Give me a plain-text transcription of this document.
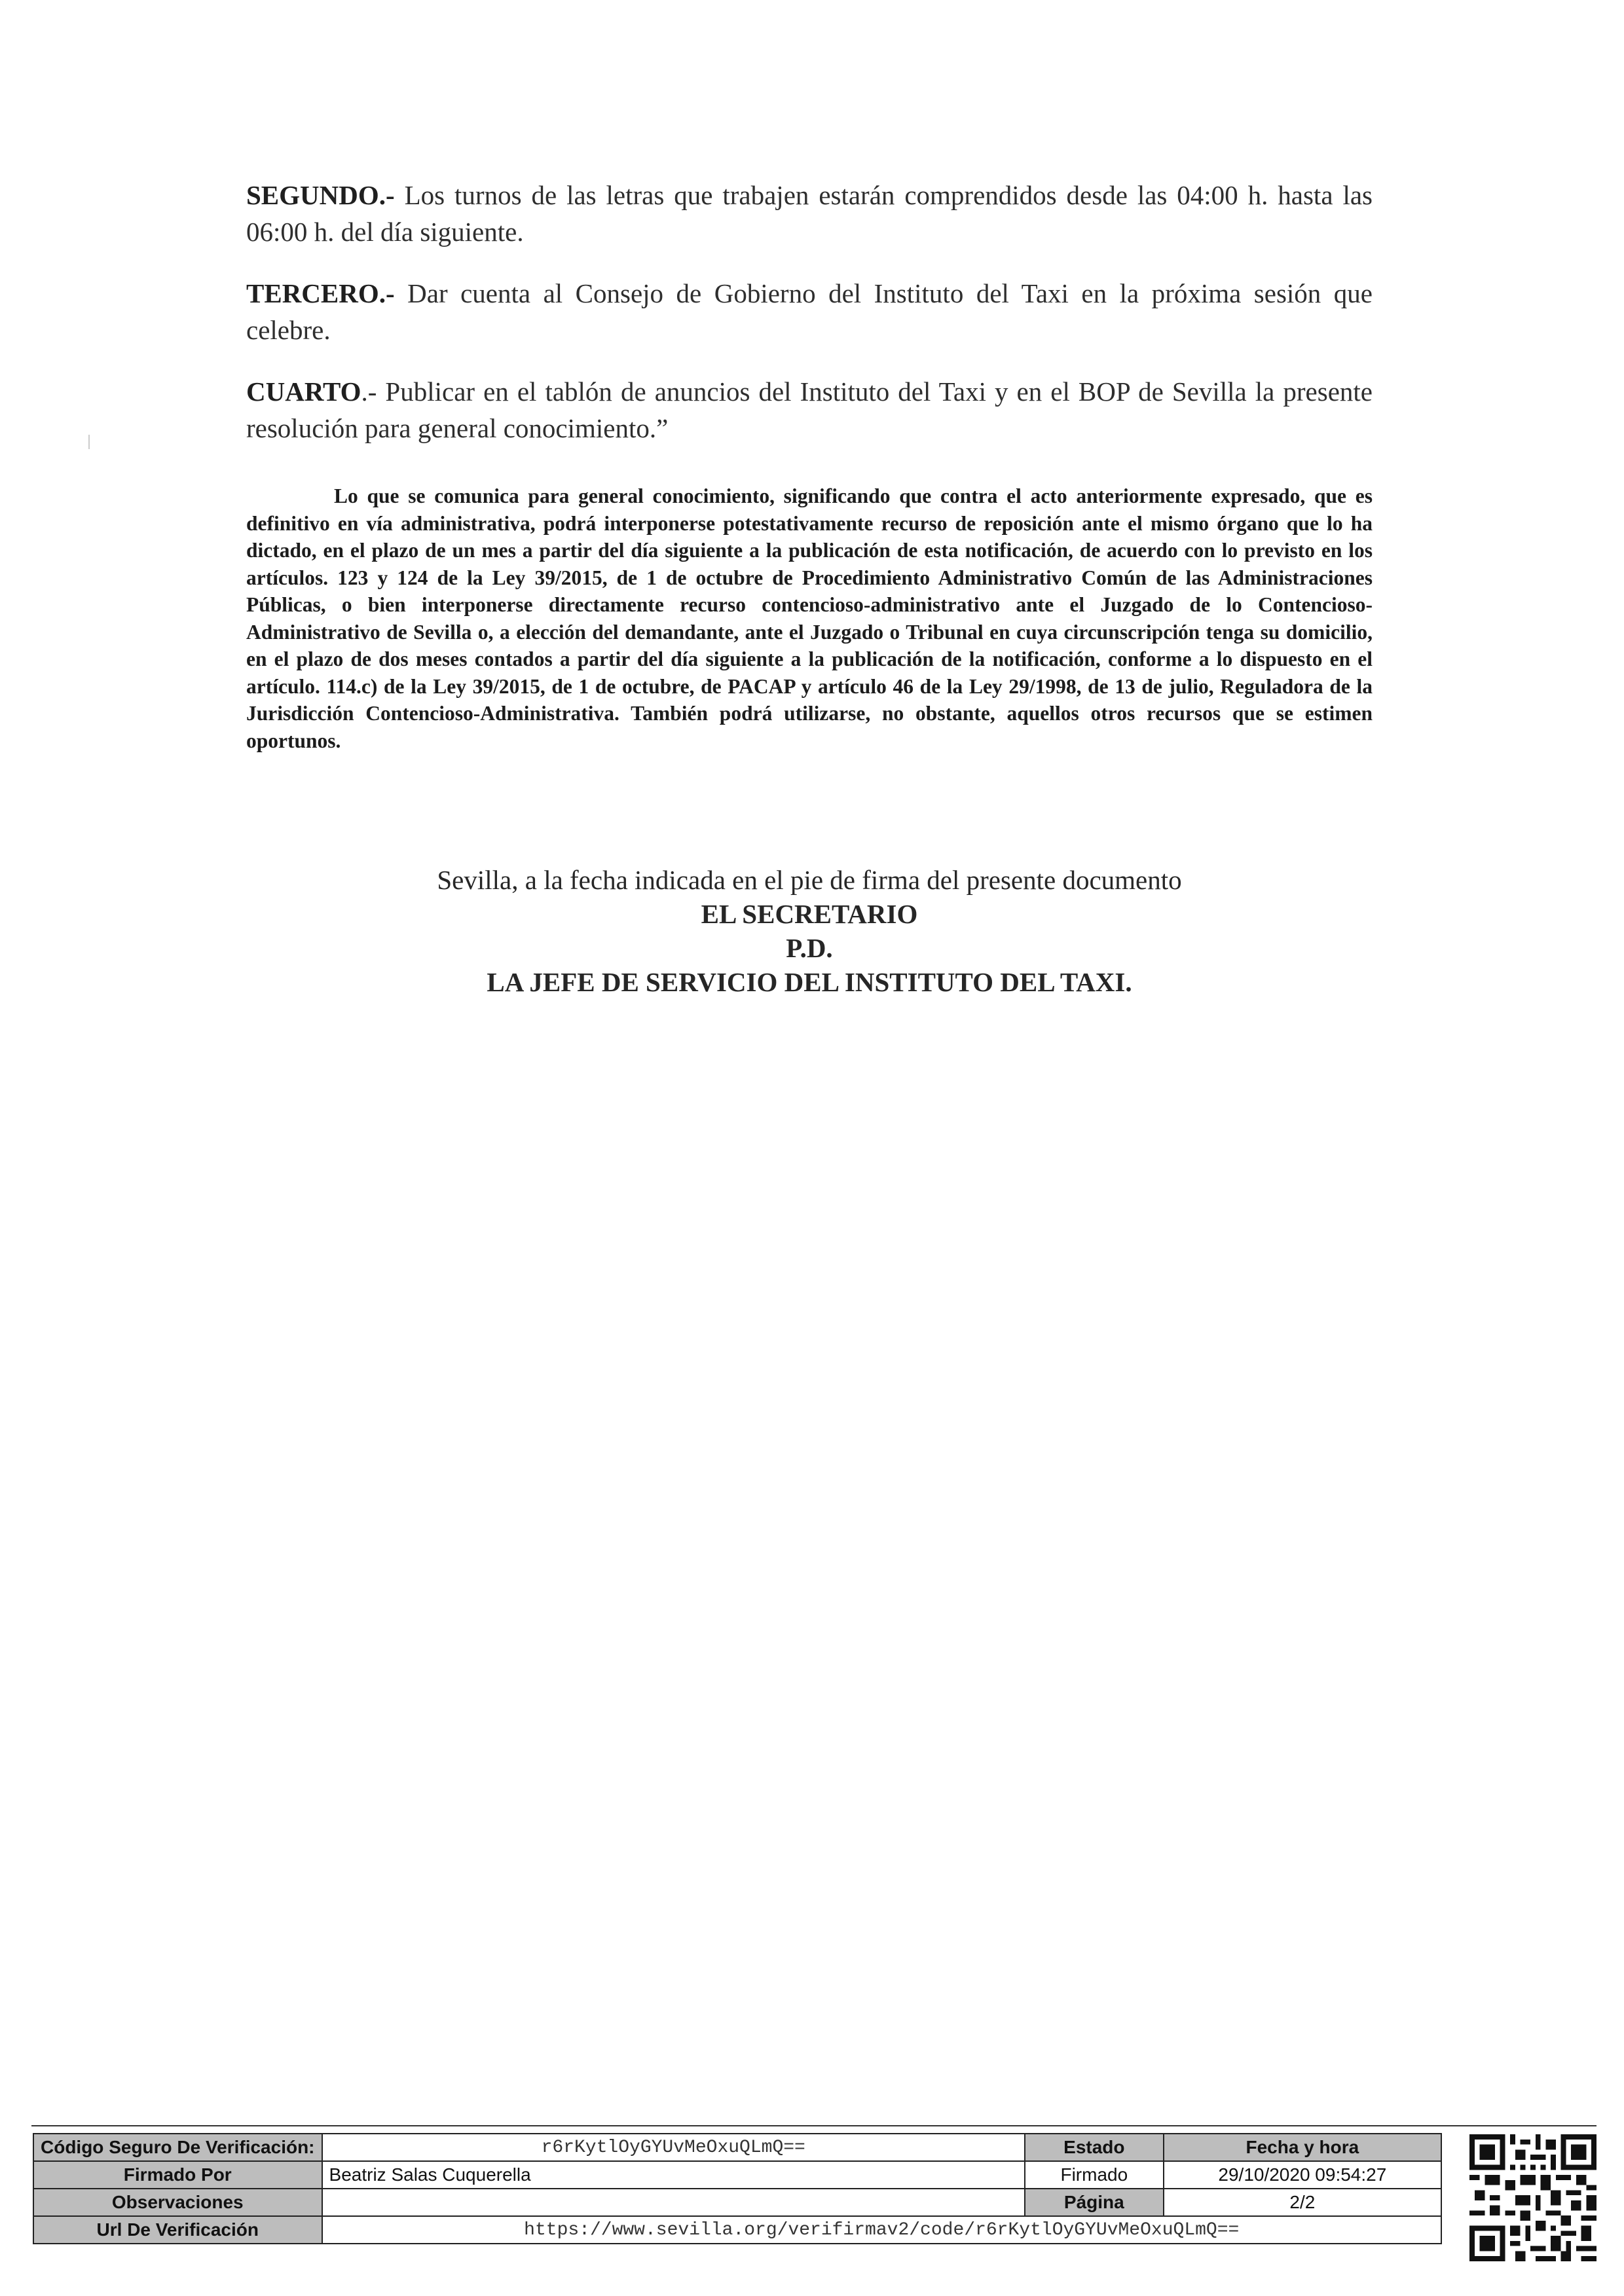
SEGUNDO.- Los turnos de las letras que trabajen estarán comprendidos desde las 04:00 h. hasta las 06:00 h. del día siguiente.

TERCERO.- Dar cuenta al Consejo de Gobierno del Instituto del Taxi en la próxima sesión que celebre.

CUARTO.- Publicar en el tablón de anuncios del Instituto del Taxi y en el BOP de Sevilla la presente resolución para general conocimiento.”

Lo que se comunica para general conocimiento, significando que contra el acto anteriormente expresado, que es definitivo en vía administrativa, podrá interponerse potestativamente recurso de reposición ante el mismo órgano que lo ha dictado, en el plazo de un mes a partir del día siguiente a la publicación de esta notificación, de acuerdo con lo previsto en los artículos. 123 y 124 de la Ley 39/2015, de 1 de octubre de Procedimiento Administrativo Común de las Administraciones Públicas, o bien interponerse directamente recurso contencioso-administrativo ante el Juzgado de lo Contencioso-Administrativo de Sevilla o, a elección del demandante, ante el Juzgado o Tribunal en cuya circunscripción tenga su domicilio, en el plazo de dos meses contados a partir del día siguiente a la publicación de la notificación, conforme a lo dispuesto en el artículo. 114.c) de la Ley 39/2015, de 1 de octubre, de PACAP y artículo 46 de la Ley 29/1998, de 13 de julio, Reguladora de la Jurisdicción Contencioso-Administrativa. También podrá utilizarse, no obstante, aquellos otros recursos que se estimen oportunos.

Sevilla, a la fecha indicada en el pie de firma del presente documento
EL SECRETARIO
P.D.
LA JEFE DE SERVICIO DEL INSTITUTO DEL TAXI.
Código Seguro De Verificación:	r6rKytlOyGYUvMeOxuQLmQ==	Estado	Fecha y hora
Firmado Por	Beatriz Salas Cuquerella	Firmado	29/10/2020 09:54:27
Observaciones		Página	2/2
Url De Verificación	https://www.sevilla.org/verifirmav2/code/r6rKytlOyGYUvMeOxuQLmQ==		
